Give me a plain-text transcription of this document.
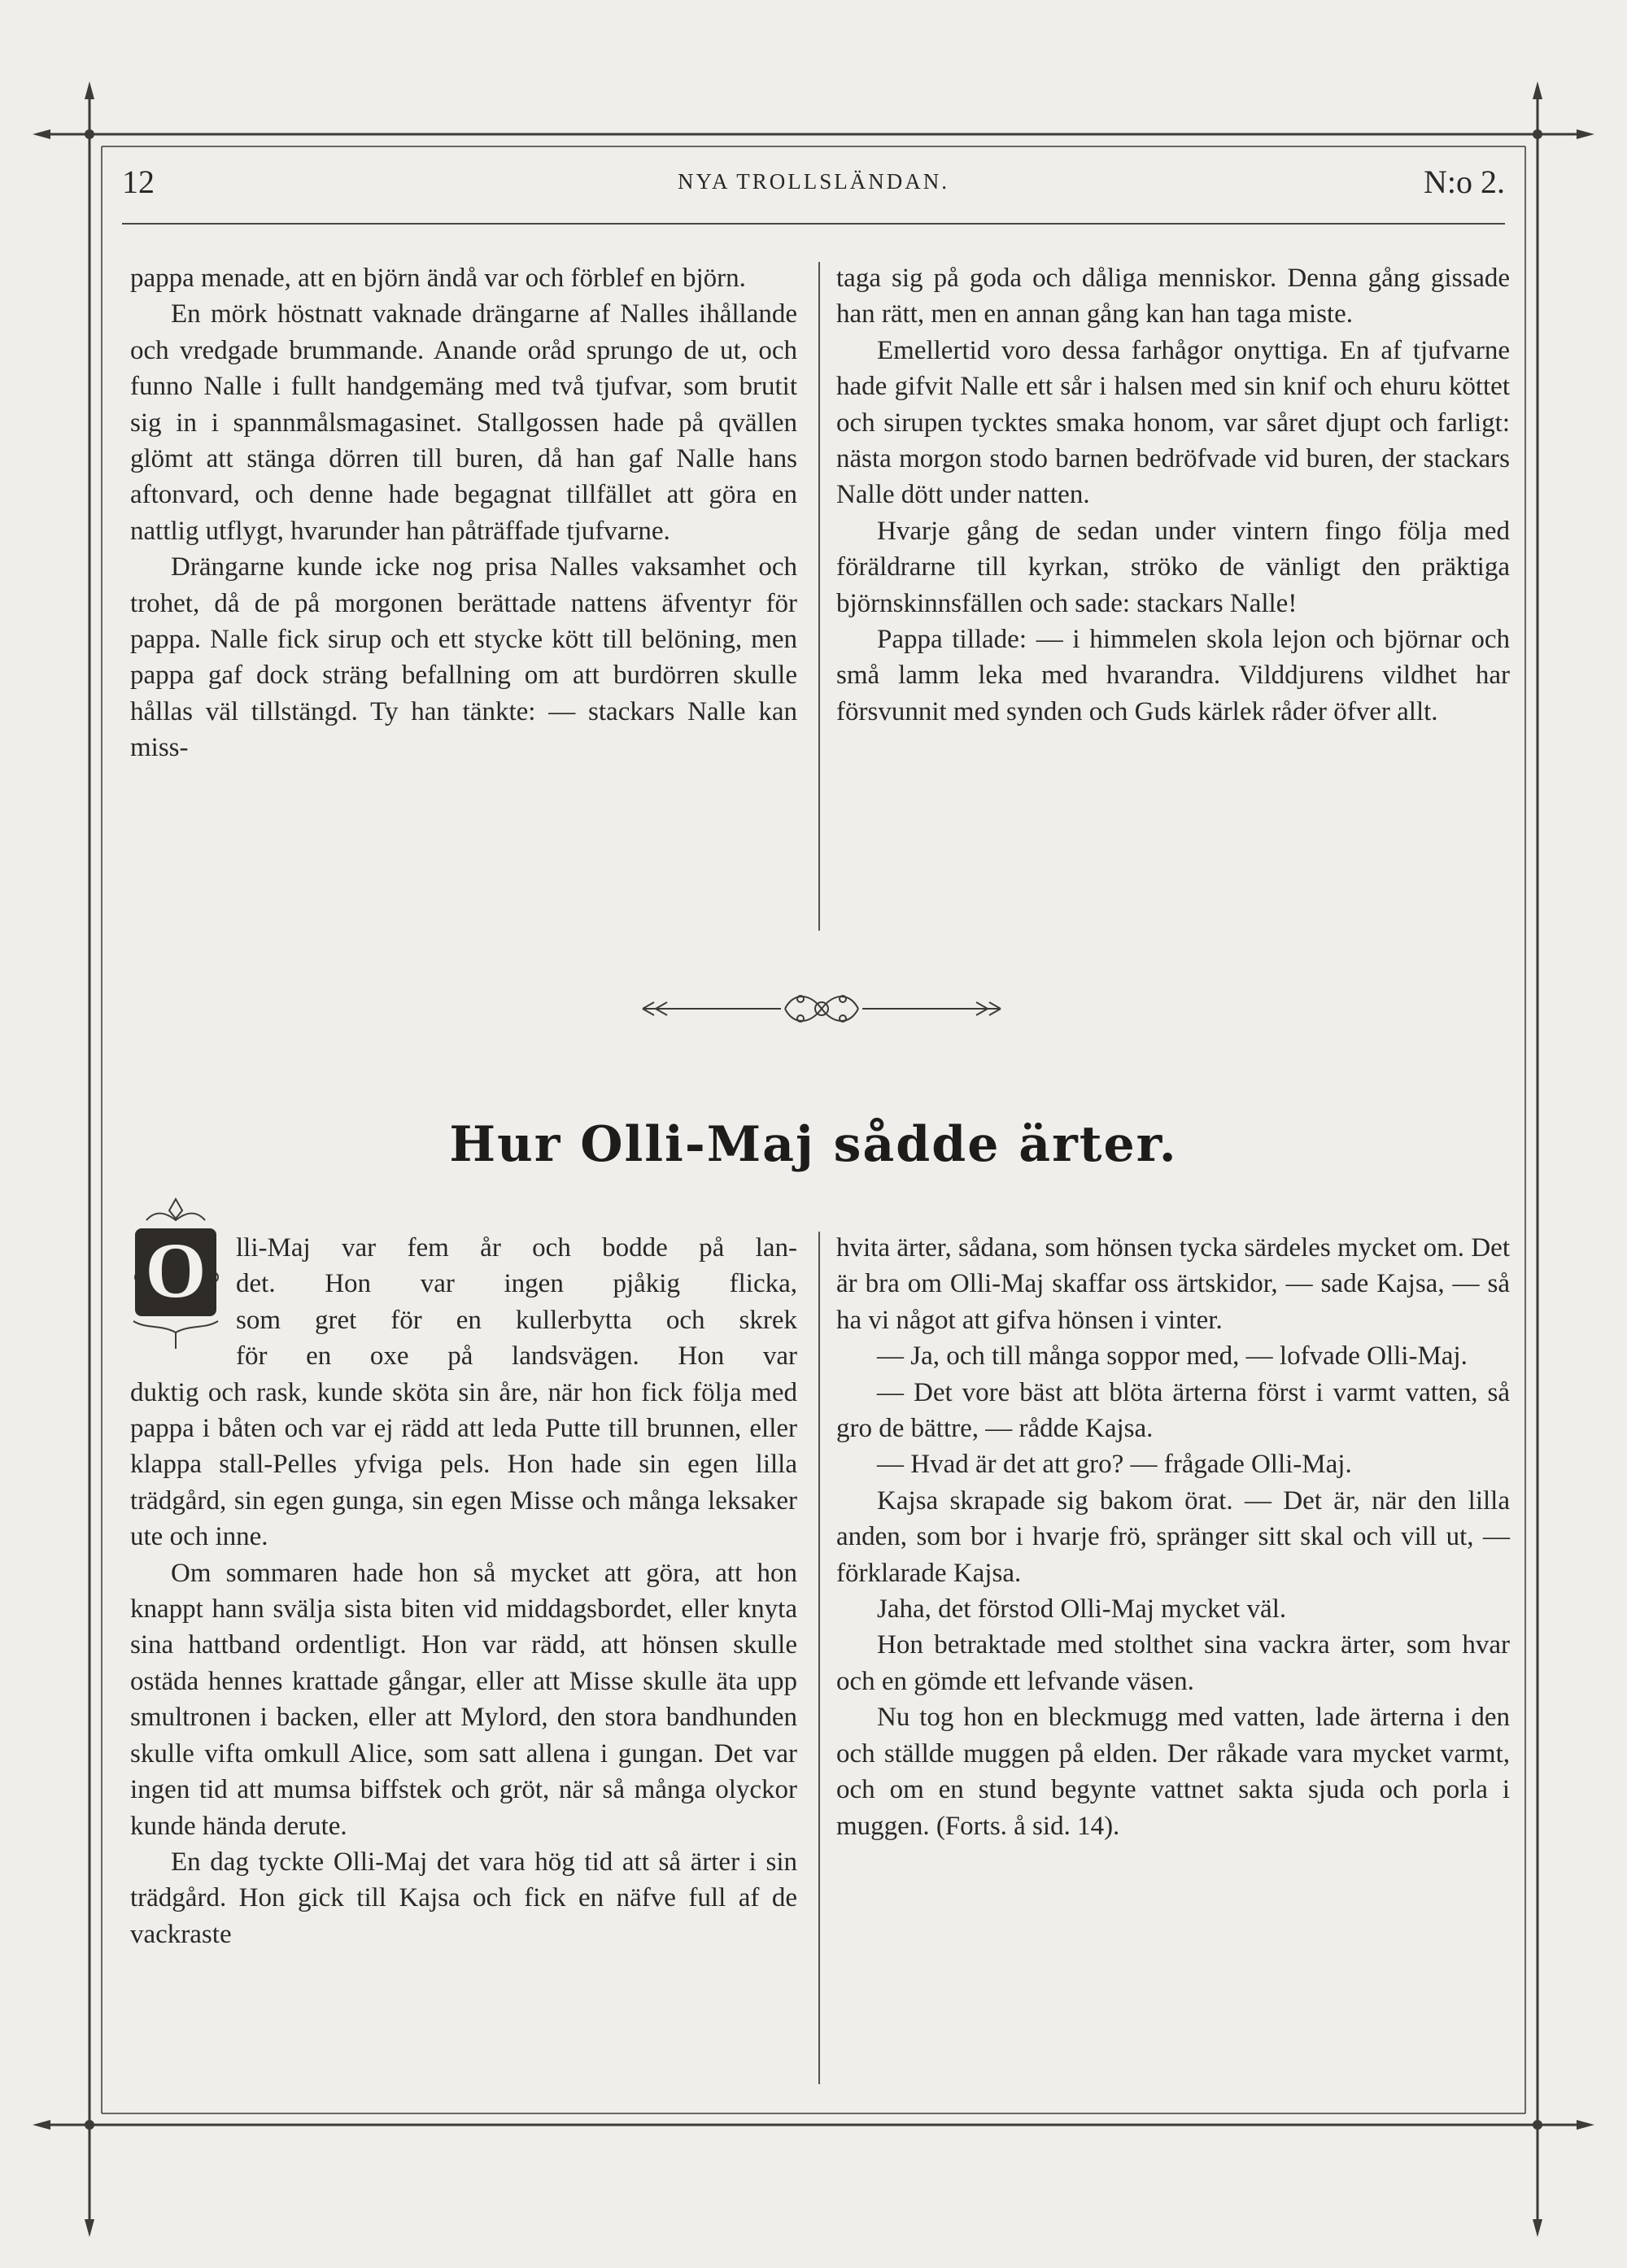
12	NYA TROLLSLÄNDAN.	N:o 2.

pappa menade, att en björn ändå var och förblef en björn.

En mörk höstnatt vaknade drängarne af Nalles ihållande och vredgade brummande. Anande oråd sprungo de ut, och funno Nalle i fullt handgemäng med två tjufvar, som brutit sig in i spannmålsmagasinet. Stallgossen hade på qvällen glömt att stänga dörren till buren, då han gaf Nalle hans aftonvard, och denne hade begagnat tillfället att göra en nattlig utflygt, hvarunder han påträffade tjufvarne.

Drängarne kunde icke nog prisa Nalles vaksamhet och trohet, då de på morgonen berättade nattens äfventyr för pappa. Nalle fick sirup och ett stycke kött till belöning, men pappa gaf dock sträng befallning om att burdörren skulle hållas väl tillstängd. Ty han tänkte: — stackars Nalle kan miss-

taga sig på goda och dåliga menniskor. Denna gång gissade han rätt, men en annan gång kan han taga miste.

Emellertid voro dessa farhågor onyttiga. En af tjufvarne hade gifvit Nalle ett sår i halsen med sin knif och ehuru köttet och sirupen tycktes smaka honom, var såret djupt och farligt: nästa morgon stodo barnen bedröfvade vid buren, der stackars Nalle dött under natten.

Hvarje gång de sedan under vintern fingo följa med föräldrarne till kyrkan, ströko de vänligt den präktiga björnskinnsfällen och sade: stackars Nalle!

Pappa tillade: — i himmelen skola lejon och björnar och små lamm leka med hvarandra. Vilddjurens vildhet har försvunnit med synden och Guds kärlek råder öfver allt.

Hur Olli-Maj sådde ärter.
O	lli-Maj var fem år och bodde på lan-

det. Hon var ingen pjåkig flicka,

som gret för en kullerbytta och skrek

för en oxe på landsvägen. Hon var

duktig och rask, kunde sköta sin åre, när hon fick följa med pappa i båten och var ej rädd att leda Putte till brunnen, eller klappa stall-Pelles yfviga pels. Hon hade sin egen lilla trädgård, sin egen gunga, sin egen Misse och många leksaker ute och inne.

Om sommaren hade hon så mycket att göra, att hon knappt hann svälja sista biten vid middagsbordet, eller knyta sina hattband ordentligt. Hon var rädd, att hönsen skulle ostäda hennes krattade gångar, eller att Misse skulle äta upp smultronen i backen, eller att Mylord, den stora bandhunden skulle vifta omkull Alice, som satt allena i gungan. Det var ingen tid att mumsa biffstek och gröt, när så många olyckor kunde hända derute.

En dag tyckte Olli-Maj det vara hög tid att så ärter i sin trädgård. Hon gick till Kajsa och fick en näfve full af de vackraste

hvita ärter, sådana, som hönsen tycka särdeles mycket om. Det är bra om Olli-Maj skaffar oss ärtskidor, — sade Kajsa, — så ha vi något att gifva hönsen i vinter.

— Ja, och till många soppor med, — lofvade Olli-Maj.

— Det vore bäst att blöta ärterna först i varmt vatten, så gro de bättre, — rådde Kajsa.

— Hvad är det att gro? — frågade Olli-Maj.

Kajsa skrapade sig bakom örat. — Det är, när den lilla anden, som bor i hvarje frö, spränger sitt skal och vill ut, — förklarade Kajsa.

Jaha, det förstod Olli-Maj mycket väl.

Hon betraktade med stolthet sina vackra ärter, som hvar och en gömde ett lefvande väsen.

Nu tog hon en bleckmugg med vatten, lade ärterna i den och ställde muggen på elden. Der råkade vara mycket varmt, och om en stund begynte vattnet sakta sjuda och porla i muggen. (Forts. å sid. 14).
